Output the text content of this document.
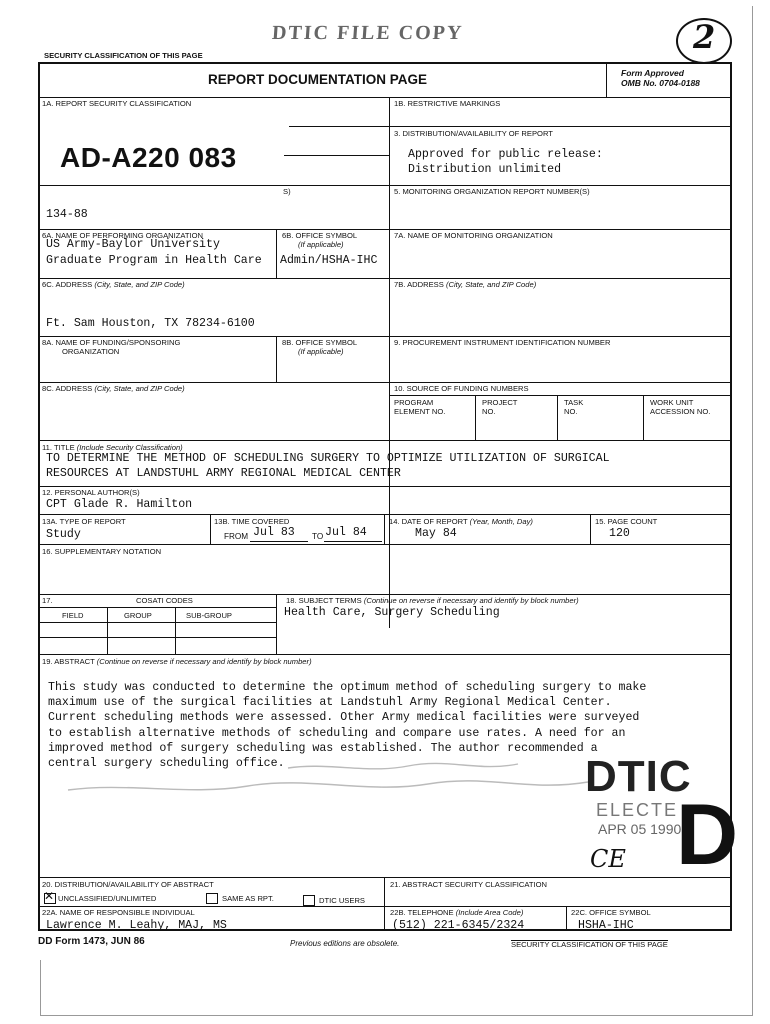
DTIC FILE COPY	2
SECURITY CLASSIFICATION OF THIS PAGE
REPORT DOCUMENTATION PAGE	Form Approved
OMB No. 0704-0188
1A. REPORT SECURITY CLASSIFICATION	1B. RESTRICTIVE MARKINGS
3. DISTRIBUTION/AVAILABILITY OF REPORT
Approved for public release:
Distribution unlimited
AD-A220 083
S)	5. MONITORING ORGANIZATION REPORT NUMBER(S)
134-88
6A. NAME OF PERFORMING ORGANIZATION
US Army-Baylor University
Graduate Program in Health Care
6B. OFFICE SYMBOL
(If applicable)
Admin/HSHA-IHC
7A. NAME OF MONITORING ORGANIZATION
6C. ADDRESS (City, State, and ZIP Code)
Ft. Sam Houston, TX 78234-6100
7B. ADDRESS (City, State, and ZIP Code)
8A. NAME OF FUNDING/SPONSORING
ORGANIZATION
8B. OFFICE SYMBOL
(If applicable)
9. PROCUREMENT INSTRUMENT IDENTIFICATION NUMBER
8C. ADDRESS (City, State, and ZIP Code)	10. SOURCE OF FUNDING NUMBERS
PROGRAM
ELEMENT NO.
PROJECT
NO.
TASK
NO.
WORK UNIT
ACCESSION NO.
11. TITLE (Include Security Classification)
TO DETERMINE THE METHOD OF SCHEDULING SURGERY TO OPTIMIZE UTILIZATION OF SURGICAL
RESOURCES AT LANDSTUHL ARMY REGIONAL MEDICAL CENTER
12. PERSONAL AUTHOR(S)
CPT Glade R. Hamilton
13A. TYPE OF REPORT
Study
13B. TIME COVERED
FROM Jul 83 TO Jul 84
14. DATE OF REPORT (Year, Month, Day)
May 84
15. PAGE COUNT
120
16. SUPPLEMENTARY NOTATION
17.	COSATI CODES
FIELD	GROUP	SUB-GROUP
18. SUBJECT TERMS (Continue on reverse if necessary and identify by block number)
Health Care, Surgery Scheduling
19. ABSTRACT (Continue on reverse if necessary and identify by block number)
This study was conducted to determine the optimum method of scheduling surgery to make
maximum use of the surgical facilities at Landstuhl Army Regional Medical Center.
Current scheduling methods were assessed. Other Army medical facilities were surveyed
to establish alternative methods of scheduling and compare use rates. A need for an
improved method of surgery scheduling was established. The author recommended a
central surgery scheduling office.	DTIC
ELECTE
APR 05 1990
D
CE
20. DISTRIBUTION/AVAILABILITY OF ABSTRACT
✕ UNCLASSIFIED/UNLIMITED	SAME AS RPT.	DTIC USERS
21. ABSTRACT SECURITY CLASSIFICATION
22A. NAME OF RESPONSIBLE INDIVIDUAL
Lawrence M. Leahy, MAJ, MS
22B. TELEPHONE (Include Area Code)
(512) 221-6345/2324
22C. OFFICE SYMBOL
HSHA-IHC
DD Form 1473, JUN 86	Previous editions are obsolete.	SECURITY CLASSIFICATION OF THIS PAGE
